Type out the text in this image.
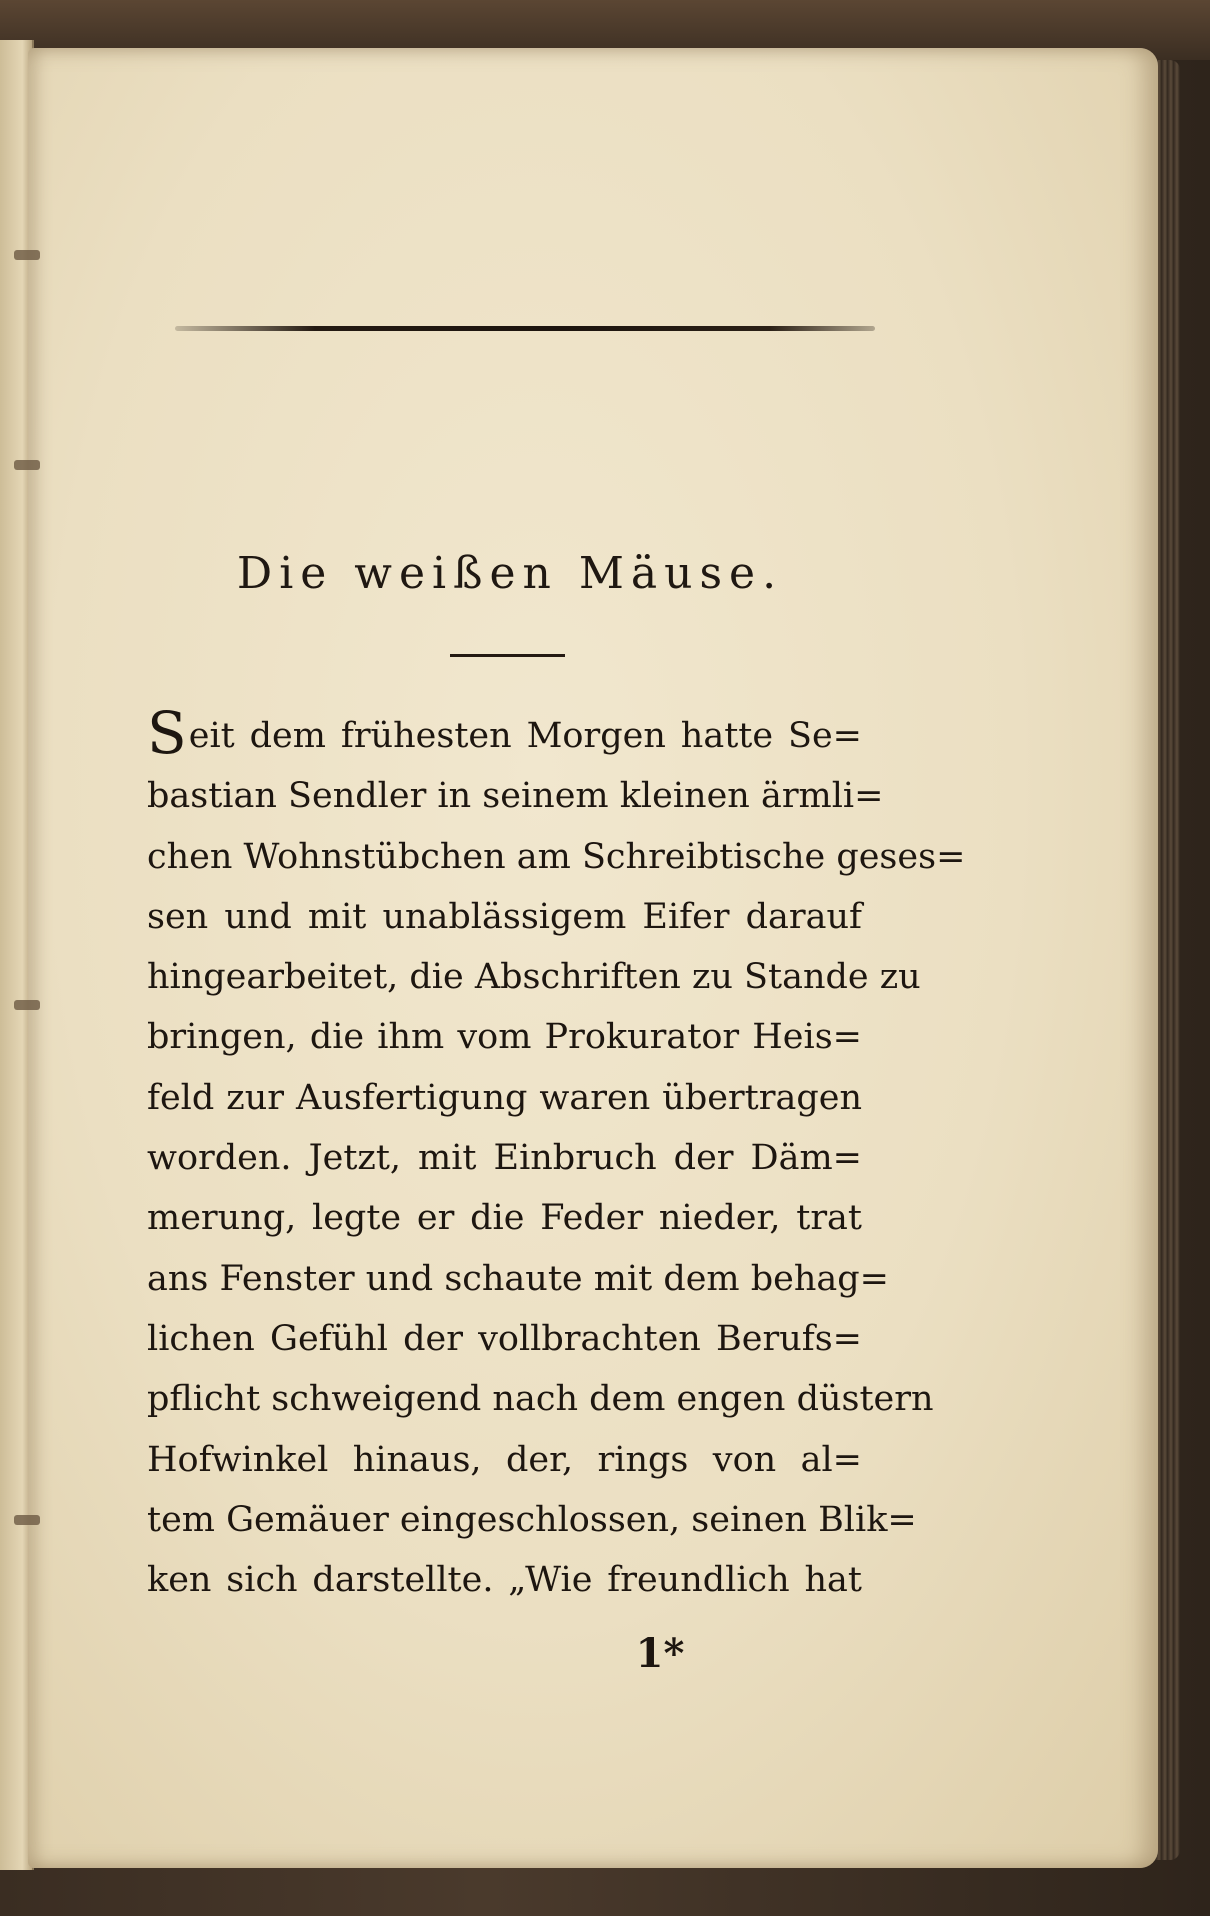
Die weißen Mäuse.
Seit dem frühesten Morgen hatte Se=
bastian Sendler in seinem kleinen ärmli=
chen Wohnstübchen am Schreibtische geses=
sen und mit unablässigem Eifer darauf
hingearbeitet, die Abschriften zu Stande zu
bringen, die ihm vom Prokurator Heis=
feld zur Ausfertigung waren übertragen
worden. Jetzt, mit Einbruch der Däm=
merung, legte er die Feder nieder, trat
ans Fenster und schaute mit dem behag=
lichen Gefühl der vollbrachten Berufs=
pflicht schweigend nach dem engen düstern
Hofwinkel hinaus, der, rings von al=
tem Gemäuer eingeschlossen, seinen Blik=
ken sich darstellte. „Wie freundlich hat
1*
